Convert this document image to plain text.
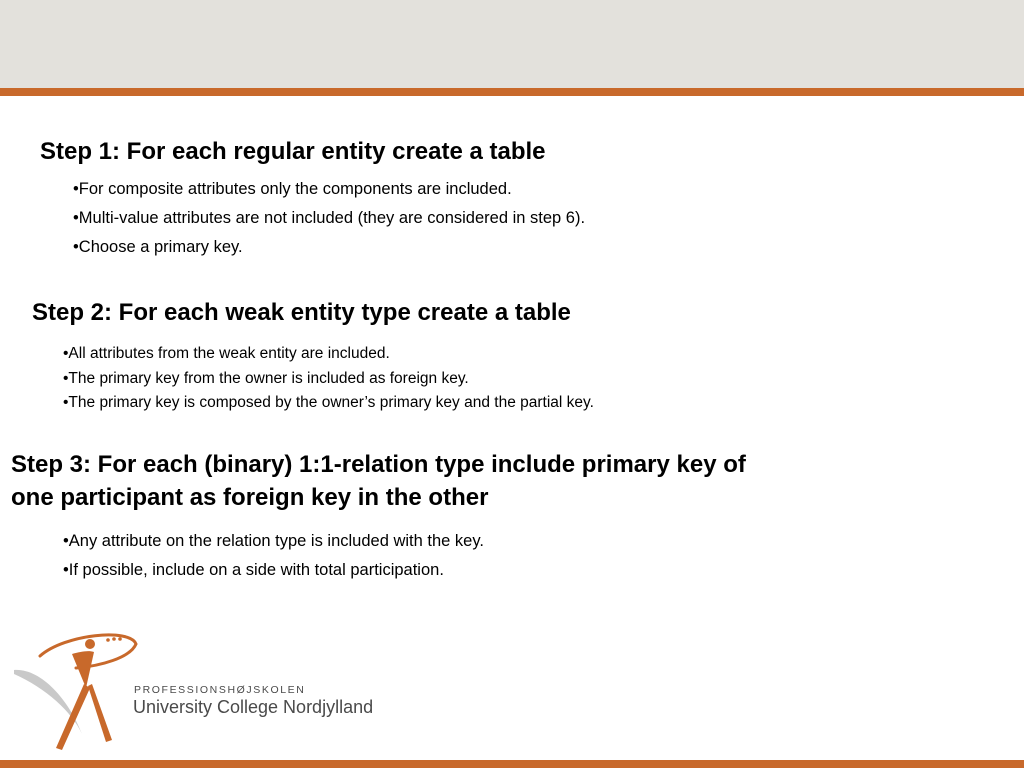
Step 1: For each regular entity create a table

•For composite attributes only the components are included.

•Multi-value attributes are not included (they are considered in step 6).

•Choose a primary key.

Step 2: For each weak entity type create a table

•All attributes from the weak entity are included.

•The primary key from the owner is included as foreign key.

•The primary key is composed by the owner’s primary key and the partial key.

Step 3: For each (binary) 1:1-relation type include primary key of
one participant as foreign key in the other

•Any attribute on the relation type is included with the key.

•If possible, include on a side with total participation.

PROFESSIONSHØJSKOLEN
University College Nordjylland
